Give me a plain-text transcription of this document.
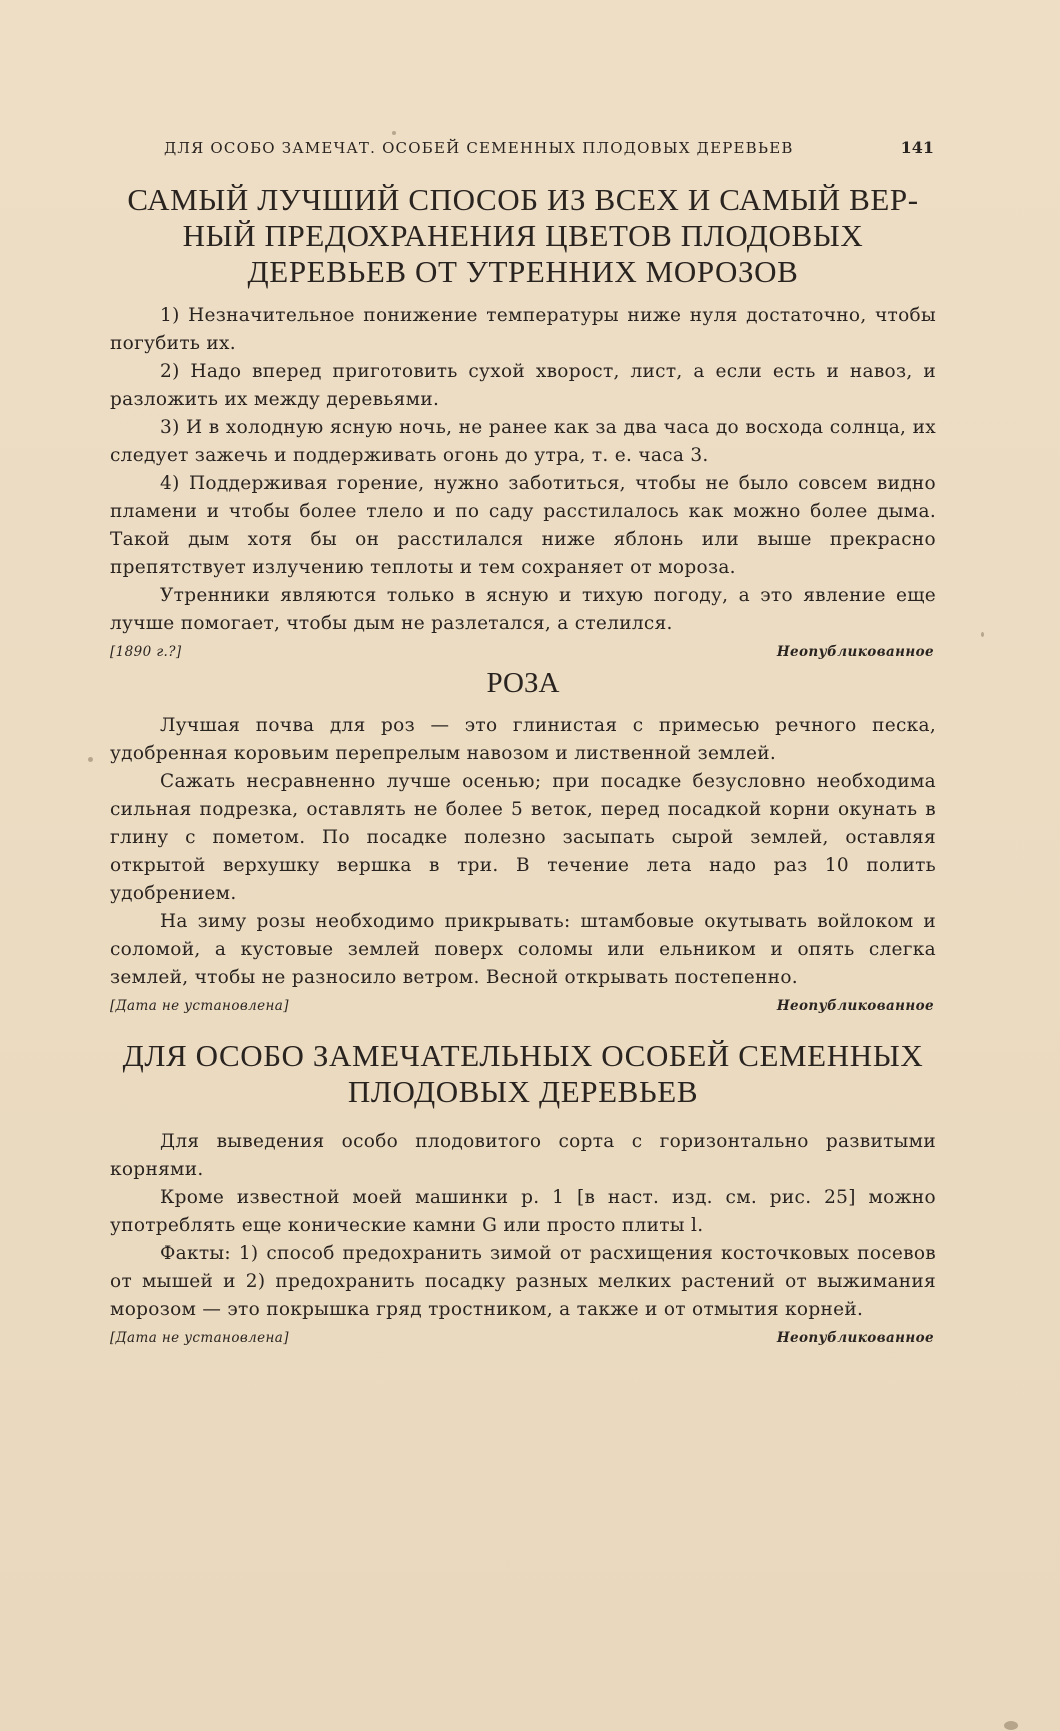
ДЛЯ ОСОБО ЗАМЕЧАТ. ОСОБЕЙ СЕМЕННЫХ ПЛОДОВЫХ ДЕРЕВЬЕВ	141
САМЫЙ ЛУЧШИЙ СПОСОБ ИЗ ВСЕХ И САМЫЙ ВЕР-
НЫЙ ПРЕДОХРАНЕНИЯ ЦВЕТОВ ПЛОДОВЫХ
ДЕРЕВЬЕВ ОТ УТРЕННИХ МОРОЗОВ

1) Незначительное понижение температуры ниже нуля достаточно, чтобы погубить их.

2) Надо вперед приготовить сухой хворост, лист, а если есть и навоз, и разложить их между деревьями.

3) И в холодную ясную ночь, не ранее как за два часа до восхода солнца, их следует зажечь и поддерживать огонь до утра, т. е. часа 3.

4) Поддерживая горение, нужно заботиться, чтобы не было совсем видно пламени и чтобы более тлело и по саду расстилалось как можно более дыма. Такой дым хотя бы он расстилался ниже яблонь или выше прекрасно препятствует излучению теплоты и тем сохраняет от мороза.

Утренники являются только в ясную и тихую погоду, а это явление еще лучше помогает, чтобы дым не разлетался, а стелился.

[1890 г.?]	Неопубликованное
РОЗА

Лучшая почва для роз — это глинистая с примесью речного песка, удобренная коровьим перепрелым навозом и лиственной землей.

Сажать несравненно лучше осенью; при посадке безусловно необходима сильная подрезка, оставлять не более 5 веток, перед посадкой корни окунать в глину с пометом. По посадке полезно засыпать сырой землей, оставляя открытой верхушку вершка в три. В течение лета надо раз 10 полить удобрением.

На зиму розы необходимо прикрывать: штамбовые окутывать войлоком и соломой, а кустовые землей поверх соломы или ельником и опять слегка землей, чтобы не разносило ветром. Весной открывать постепенно.

[Дата не установлена]	Неопубликованное
ДЛЯ ОСОБО ЗАМЕЧАТЕЛЬНЫХ ОСОБЕЙ СЕМЕННЫХ
ПЛОДОВЫХ ДЕРЕВЬЕВ

Для выведения особо плодовитого сорта с горизонтально развитыми корнями.

Кроме известной моей машинки р. 1 [в наст. изд. см. рис. 25] можно употреблять еще конические камни G или просто плиты l.

Факты: 1) способ предохранить зимой от расхищения косточковых посевов от мышей и 2) предохранить посадку разных мелких растений от выжимания морозом — это покрышка гряд тростником, а также и от отмытия корней.

[Дата не установлена]	Неопубликованное
